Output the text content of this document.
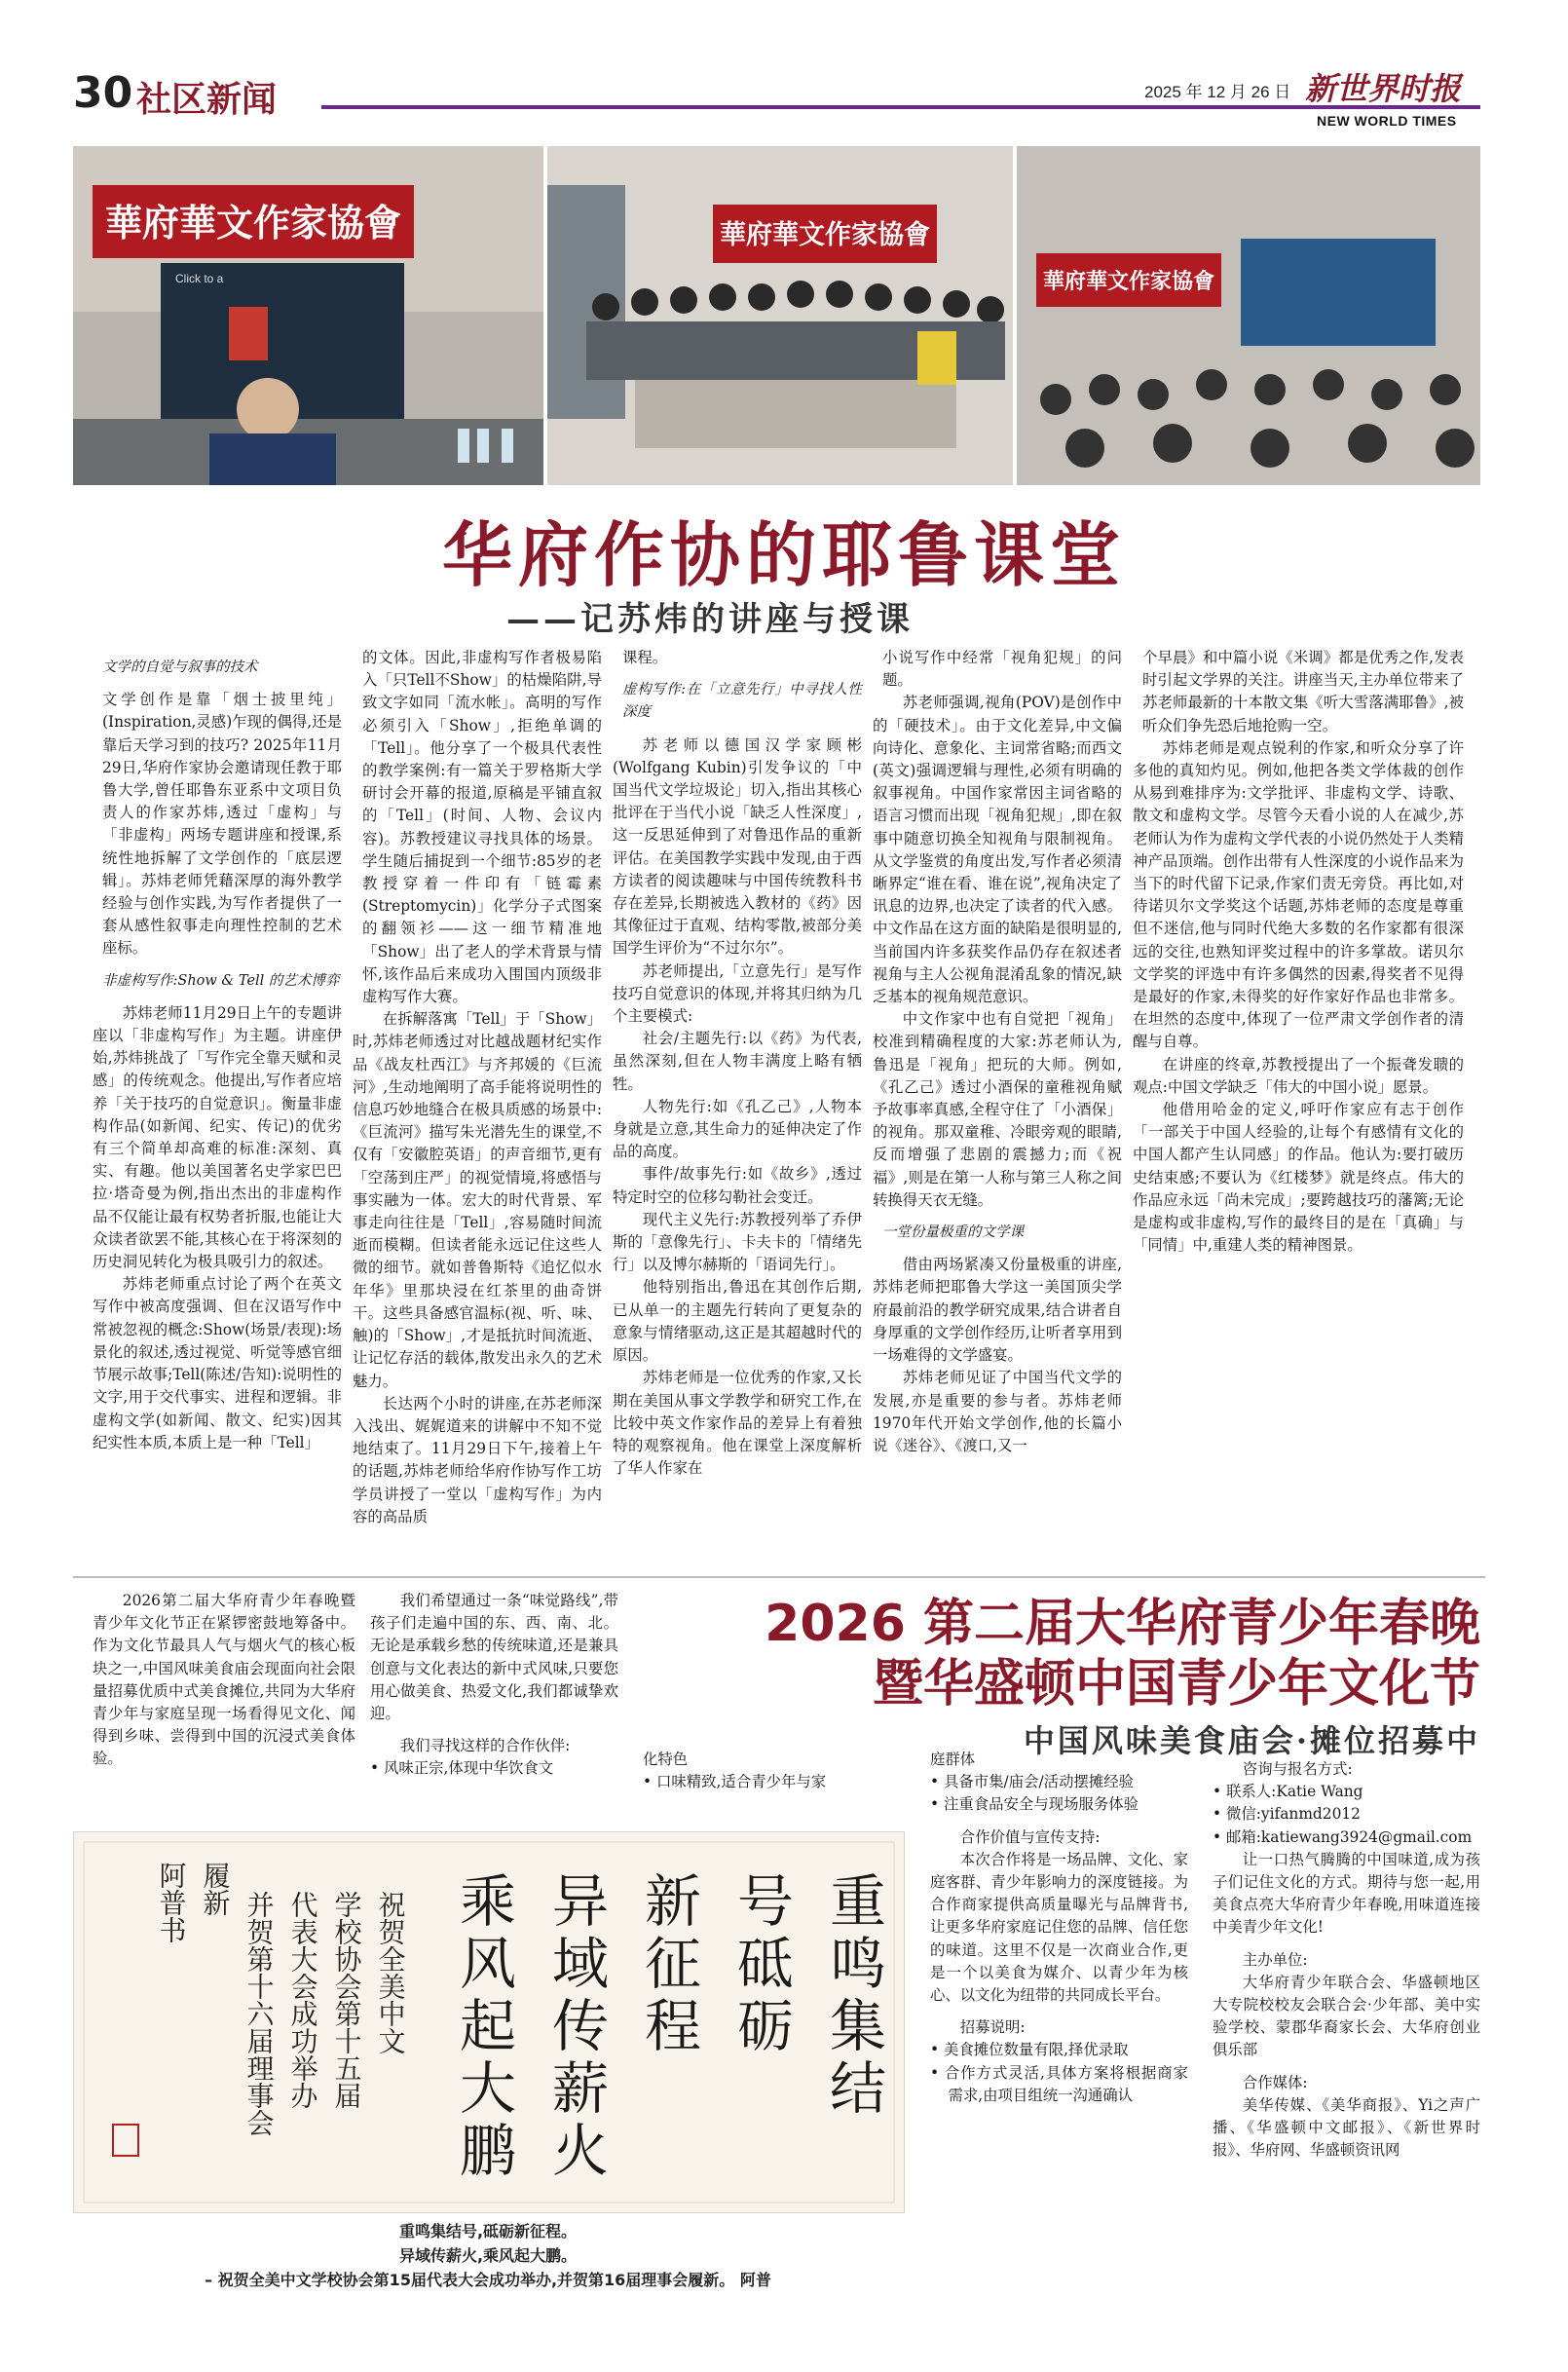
30 社区新闻	2025 年 12 月 26 日 新世界时报
NEW WORLD TIMES
華府華文作家協會
Click to a
華府華文作家協會
華府華文作家協會
华府作协的耶鲁课堂
——记苏炜的讲座与授课

文学的自觉与叙事的技术

文学创作是靠「烟士披里纯」(Inspiration,灵感)乍现的偶得,还是靠后天学习到的技巧? 2025年11月29日,华府作家协会邀请现任教于耶鲁大学,曾任耶鲁东亚系中文项目负责人的作家苏炜,透过「虚构」与「非虚构」两场专题讲座和授课,系统性地拆解了文学创作的「底层逻辑」。苏炜老师凭藉深厚的海外教学经验与创作实践,为写作者提供了一套从感性叙事走向理性控制的艺术座标。

非虚构写作:Show & Tell 的艺术博弈

苏炜老师11月29日上午的专题讲座以「非虚构写作」为主题。讲座伊始,苏炜挑战了「写作完全靠天赋和灵感」的传统观念。他提出,写作者应培养「关于技巧的自觉意识」。衡量非虚构作品(如新闻、纪实、传记)的优劣有三个简单却高难的标准:深刻、真实、有趣。他以美国著名史学家巴巴拉·塔奇曼为例,指出杰出的非虚构作品不仅能让最有权势者折服,也能让大众读者欲罢不能,其核心在于将深刻的历史洞见转化为极具吸引力的叙述。

苏炜老师重点讨论了两个在英文写作中被高度强调、但在汉语写作中常被忽视的概念:Show(场景/表现):场景化的叙述,透过视觉、听觉等感官细节展示故事;Tell(陈述/告知):说明性的文字,用于交代事实、进程和逻辑。非虚构文学(如新闻、散文、纪实)因其纪实性本质,本质上是一种「Tell」

的文体。因此,非虚构写作者极易陷入「只Tell不Show」的枯燥陷阱,导致文字如同「流水帐」。高明的写作必须引入「Show」,拒绝单调的「Tell」。他分享了一个极具代表性的教学案例:有一篇关于罗格斯大学研讨会开幕的报道,原稿是平铺直叙的「Tell」(时间、人物、会议内容)。苏教授建议寻找具体的场景。学生随后捕捉到一个细节:85岁的老教授穿着一件印有「链霉素(Streptomycin)」化学分子式图案的翻领衫——这一细节精准地「Show」出了老人的学术背景与情怀,该作品后来成功入围国内顶级非虚构写作大赛。

在拆解落寓「Tell」于「Show」时,苏炜老师透过对比越战题材纪实作品《战友杜西江》与齐邦媛的《巨流河》,生动地阐明了高手能将说明性的信息巧妙地缝合在极具质感的场景中:《巨流河》描写朱光潜先生的课堂,不仅有「安徽腔英语」的声音细节,更有「空荡到庄严」的视觉情境,将感悟与事实融为一体。宏大的时代背景、军事走向往往是「Tell」,容易随时间流逝而模糊。但读者能永远记住这些人微的细节。就如普鲁斯特《追忆似水年华》里那块浸在红茶里的曲奇饼干。这些具备感官温标(视、听、味、触)的「Show」,才是抵抗时间流逝、让记忆存活的载体,散发出永久的艺术魅力。

长达两个小时的讲座,在苏老师深入浅出、娓娓道来的讲解中不知不觉地结束了。11月29日下午,接着上午的话题,苏炜老师给华府作协写作工坊学员讲授了一堂以「虚构写作」为内容的高品质

课程。

虚构写作:在「立意先行」中寻找人性深度

苏老师以德国汉学家顾彬(Wolfgang Kubin)引发争议的「中国当代文学垃圾论」切入,指出其核心批评在于当代小说「缺乏人性深度」,这一反思延伸到了对鲁迅作品的重新评估。在美国教学实践中发现,由于西方读者的阅读趣味与中国传统教科书存在差异,长期被选入教材的《药》因其像征过于直观、结构零散,被部分美国学生评价为“不过尔尔”。

苏老师提出,「立意先行」是写作技巧自觉意识的体现,并将其归纳为几个主要模式:

社会/主题先行:以《药》为代表,虽然深刻,但在人物丰满度上略有牺牲。

人物先行:如《孔乙己》,人物本身就是立意,其生命力的延伸决定了作品的高度。

事件/故事先行:如《故乡》,透过特定时空的位移勾勒社会变迁。

现代主义先行:苏教授列举了乔伊斯的「意像先行」、卡夫卡的「情绪先行」以及博尔赫斯的「语词先行」。

他特别指出,鲁迅在其创作后期,已从单一的主题先行转向了更复杂的意象与情绪驱动,这正是其超越时代的原因。

苏炜老师是一位优秀的作家,又长期在美国从事文学教学和研究工作,在比较中英文作家作品的差异上有着独特的观察视角。他在课堂上深度解析了华人作家在

小说写作中经常「视角犯规」的问题。

苏老师强调,视角(POV)是创作中的「硬技术」。由于文化差异,中文偏向诗化、意象化、主词常省略;而西文(英文)强调逻辑与理性,必须有明确的叙事视角。中国作家常因主词省略的语言习惯而出现「视角犯规」,即在叙事中随意切换全知视角与限制视角。从文学鉴赏的角度出发,写作者必须清晰界定“谁在看、谁在说”,视角决定了讯息的边界,也决定了读者的代入感。中文作品在这方面的缺陷是很明显的,当前国内许多获奖作品仍存在叙述者视角与主人公视角混淆乱象的情况,缺乏基本的视角规范意识。

中文作家中也有自觉把「视角」校准到精确程度的大家:苏老师认为,鲁迅是「视角」把玩的大师。例如,《孔乙己》透过小酒保的童稚视角赋予故事率真感,全程守住了「小酒保」的视角。那双童稚、冷眼旁观的眼睛,反而增强了悲剧的震撼力;而《祝福》,则是在第一人称与第三人称之间转换得天衣无缝。

一堂份量极重的文学课

借由两场紧凑又份量极重的讲座,苏炜老师把耶鲁大学这一美国顶尖学府最前沿的教学研究成果,结合讲者自身厚重的文学创作经历,让听者享用到一场难得的文学盛宴。

苏炜老师见证了中国当代文学的发展,亦是重要的参与者。苏炜老师1970年代开始文学创作,他的长篇小说《迷谷》、《渡口,又一

个早晨》和中篇小说《米调》都是优秀之作,发表时引起文学界的关注。讲座当天,主办单位带来了苏老师最新的十本散文集《听大雪落满耶鲁》,被听众们争先恐后地抢购一空。

苏炜老师是观点锐利的作家,和听众分享了许多他的真知灼见。例如,他把各类文学体裁的创作从易到难排序为:文学批评、非虚构文学、诗歌、散文和虚构文学。尽管今天看小说的人在减少,苏老师认为作为虚构文学代表的小说仍然处于人类精神产品顶端。创作出带有人性深度的小说作品来为当下的时代留下记录,作家们责无旁贷。再比如,对待诺贝尔文学奖这个话题,苏炜老师的态度是尊重但不迷信,他与同时代绝大多数的名作家都有很深远的交往,也熟知评奖过程中的许多掌故。诺贝尔文学奖的评选中有许多偶然的因素,得奖者不见得是最好的作家,未得奖的好作家好作品也非常多。在坦然的态度中,体现了一位严肃文学创作者的清醒与自尊。

在讲座的终章,苏教授提出了一个振聋发聩的观点:中国文学缺乏「伟大的中国小说」愿景。

他借用哈金的定义,呼吁作家应有志于创作「一部关于中国人经验的,让每个有感情有文化的中国人都产生认同感」的作品。他认为:要打破历史结束感;不要认为《红楼梦》就是终点。伟大的作品应永远「尚未完成」;要跨越技巧的藩篱;无论是虚构或非虚构,写作的最终目的是在「真确」与「同情」中,重建人类的精神图景。

2026 第二届大华府青少年春晚
暨华盛顿中国青少年文化节
中国风味美食庙会·摊位招募中

2026第二届大华府青少年春晚暨青少年文化节正在紧锣密鼓地筹备中。作为文化节最具人气与烟火气的核心板块之一,中国风味美食庙会现面向社会限量招募优质中式美食摊位,共同为大华府青少年与家庭呈现一场看得见文化、闻得到乡味、尝得到中国的沉浸式美食体验。

我们希望通过一条“味觉路线”,带孩子们走遍中国的东、西、南、北。无论是承载乡愁的传统味道,还是兼具创意与文化表达的新中式风味,只要您用心做美食、热爱文化,我们都诚挚欢迎。

我们寻找这样的合作伙伴:

• 风味正宗,体现中华饮食文

化特色

• 口味精致,适合青少年与家

庭群体

• 具备市集/庙会/活动摆摊经验

• 注重食品安全与现场服务体验

合作价值与宣传支持:

本次合作将是一场品牌、文化、家庭客群、青少年影响力的深度链接。为合作商家提供高质量曝光与品牌背书,让更多华府家庭记住您的品牌、信任您的味道。这里不仅是一次商业合作,更是一个以美食为媒介、以青少年为核心、以文化为纽带的共同成长平台。

招募说明:

• 美食摊位数量有限,择优录取

• 合作方式灵活,具体方案将根据商家需求,由项目组统一沟通确认

咨询与报名方式:

• 联系人:Katie Wang

• 微信:yifanmd2012

• 邮箱:katiewang3924@gmail.com

让一口热气腾腾的中国味道,成为孩子们记住文化的方式。期待与您一起,用美食点亮大华府青少年春晚,用味道连接中美青少年文化!

主办单位:

大华府青少年联合会、华盛顿地区大专院校校友会联合会·少年部、美中实验学校、蒙郡华裔家长会、大华府创业俱乐部

合作媒体:

美华传媒、《美华商报》、Yi之声广播、《华盛顿中文邮报》、《新世界时报》、华府网、华盛顿资讯网

重鸣集结
号砥砺
新征程
异域传薪火
乘风起大鹏
祝贺全美中文
学校协会第十五届
代表大会成功举办
并贺第十六届理事会
履新
阿普书
重鸣集结号,砥砺新征程。
异域传薪火,乘风起大鹏。
– 祝贺全美中文学校协会第15届代表大会成功举办,并贺第16届理事会履新。 阿普
